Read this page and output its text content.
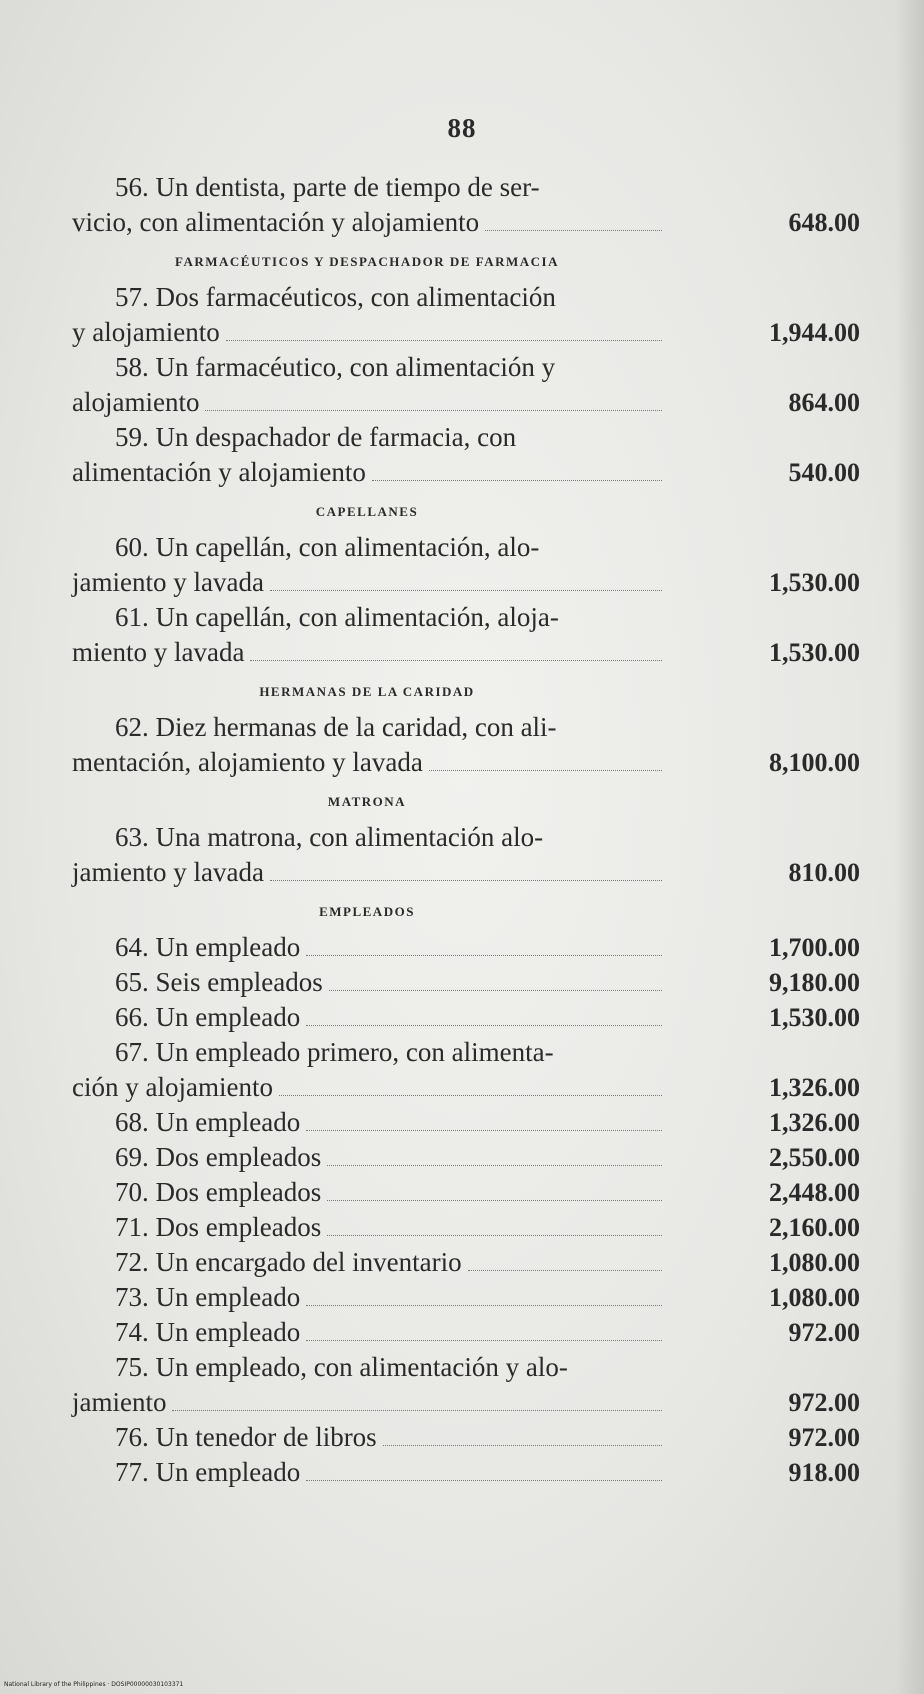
88
56. Un dentista, parte de tiempo de ser-
vicio, con alimentación y alojamiento	648.00
FARMACÉUTICOS Y DESPACHADOR DE FARMACIA
57. Dos farmacéuticos, con alimentación
y alojamiento	1,944.00
58. Un farmacéutico, con alimentación y
alojamiento	864.00
59. Un despachador de farmacia, con
alimentación y alojamiento	540.00
CAPELLANES
60. Un capellán, con alimentación, alo-
jamiento y lavada	1,530.00
61. Un capellán, con alimentación, aloja-
miento y lavada	1,530.00
HERMANAS DE LA CARIDAD
62. Diez hermanas de la caridad, con ali-
mentación, alojamiento y lavada	8,100.00
MATRONA
63. Una matrona, con alimentación alo-
jamiento y lavada	810.00
EMPLEADOS
64. Un empleado	1,700.00
65. Seis empleados	9,180.00
66. Un empleado	1,530.00
67. Un empleado primero, con alimenta-
ción y alojamiento	1,326.00
68. Un empleado	1,326.00
69. Dos empleados	2,550.00
70. Dos empleados	2,448.00
71. Dos empleados	2,160.00
72. Un encargado del inventario	1,080.00
73. Un empleado	1,080.00
74. Un empleado	972.00
75. Un empleado, con alimentación y alo-
jamiento	972.00
76. Un tenedor de libros	972.00
77. Un empleado	918.00
National Library of the Philippines · DOSIP00000030103371
